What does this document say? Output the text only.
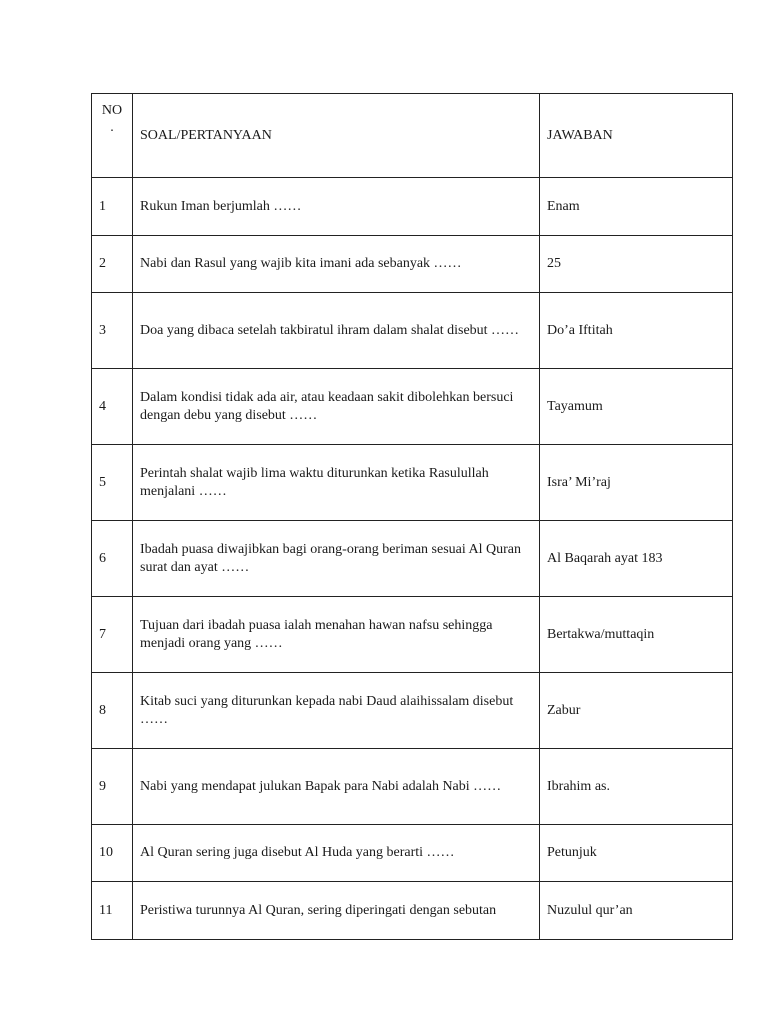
NO
.	SOAL/PERTANYAAN	JAWABAN
1	Rukun Iman berjumlah ……	Enam
2	Nabi dan Rasul yang wajib kita imani ada sebanyak ……	25
3	Doa yang dibaca setelah takbiratul ihram dalam shalat disebut ……	Do’a Iftitah
4	Dalam kondisi tidak ada air, atau keadaan sakit dibolehkan bersuci dengan debu yang disebut ……	Tayamum
5	Perintah shalat wajib lima waktu diturunkan ketika Rasulullah menjalani ……	Isra’ Mi’raj
6	Ibadah puasa diwajibkan bagi orang-orang beriman sesuai Al Quran surat dan ayat ……	Al Baqarah ayat 183
7	Tujuan dari ibadah puasa ialah menahan hawan nafsu sehingga menjadi orang yang ……	Bertakwa/muttaqin
8	Kitab suci yang diturunkan kepada nabi Daud alaihissalam disebut ……	Zabur
9	Nabi yang mendapat julukan Bapak para Nabi adalah Nabi ……	Ibrahim as.
10	Al Quran sering juga disebut Al Huda yang berarti ……	Petunjuk
11	Peristiwa turunnya Al Quran, sering diperingati dengan sebutan	Nuzulul qur’an
